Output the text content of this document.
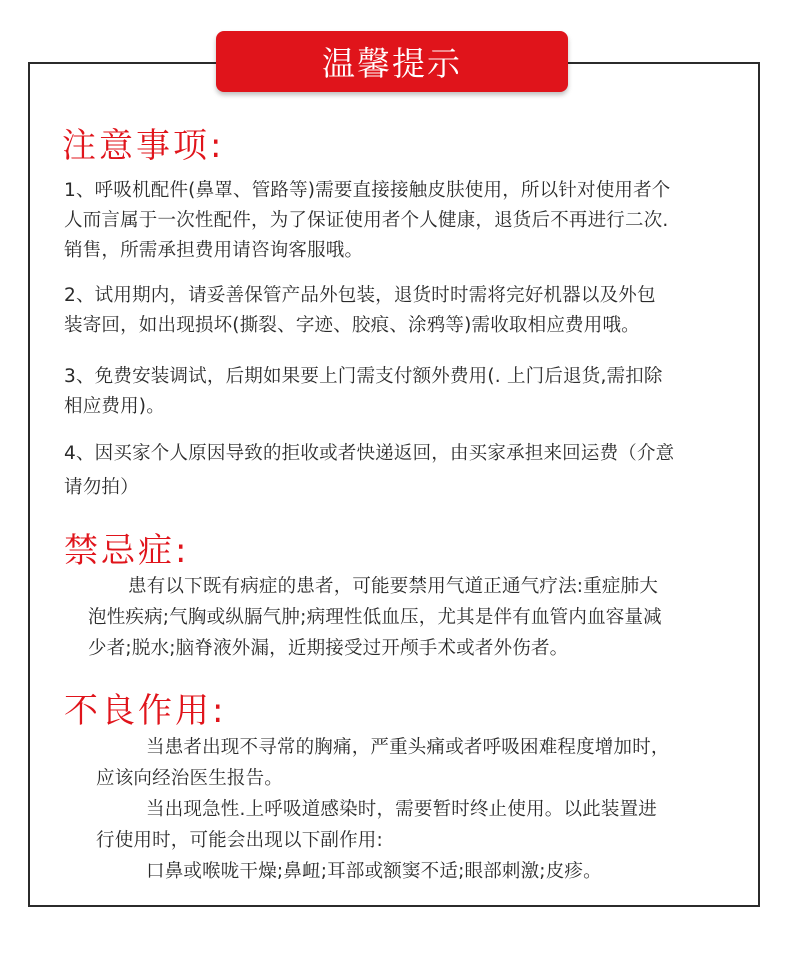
温馨提示
注意事项:
1、呼吸机配件(鼻罩、管路等)需要直接接触皮肤使用，所以针对使用者个
人而言属于一次性配件，为了保证使用者个人健康，退货后不再进行二次.
销售，所需承担费用请咨询客服哦。
2、试用期内，请妥善保管产品外包装，退货时时需将完好机器以及外包
装寄回，如出现损坏(撕裂、字迹、胶痕、涂鸦等)需收取相应费用哦。
3、免费安装调试，后期如果要上门需支付额外费用(. 上门后退货,需扣除
相应费用)。
4、因买家个人原因导致的拒收或者快递返回，由买家承担来回运费（介意
请勿拍）
禁忌症:
患有以下既有病症的患者，可能要禁用气道正通气疗法:重症肺大
泡性疾病;气胸或纵膈气肿;病理性低血压，尤其是伴有血管内血容量减
少者;脱水;脑脊液外漏，近期接受过开颅手术或者外伤者。
不良作用:
当患者出现不寻常的胸痛，严重头痛或者呼吸困难程度增加时，
应该向经治医生报告。
当出现急性.上呼吸道感染时，需要暂时终止使用。以此装置进
行使用时，可能会出现以下副作用:
口鼻或喉咙干燥;鼻衄;耳部或额窦不适;眼部刺激;皮疹。
